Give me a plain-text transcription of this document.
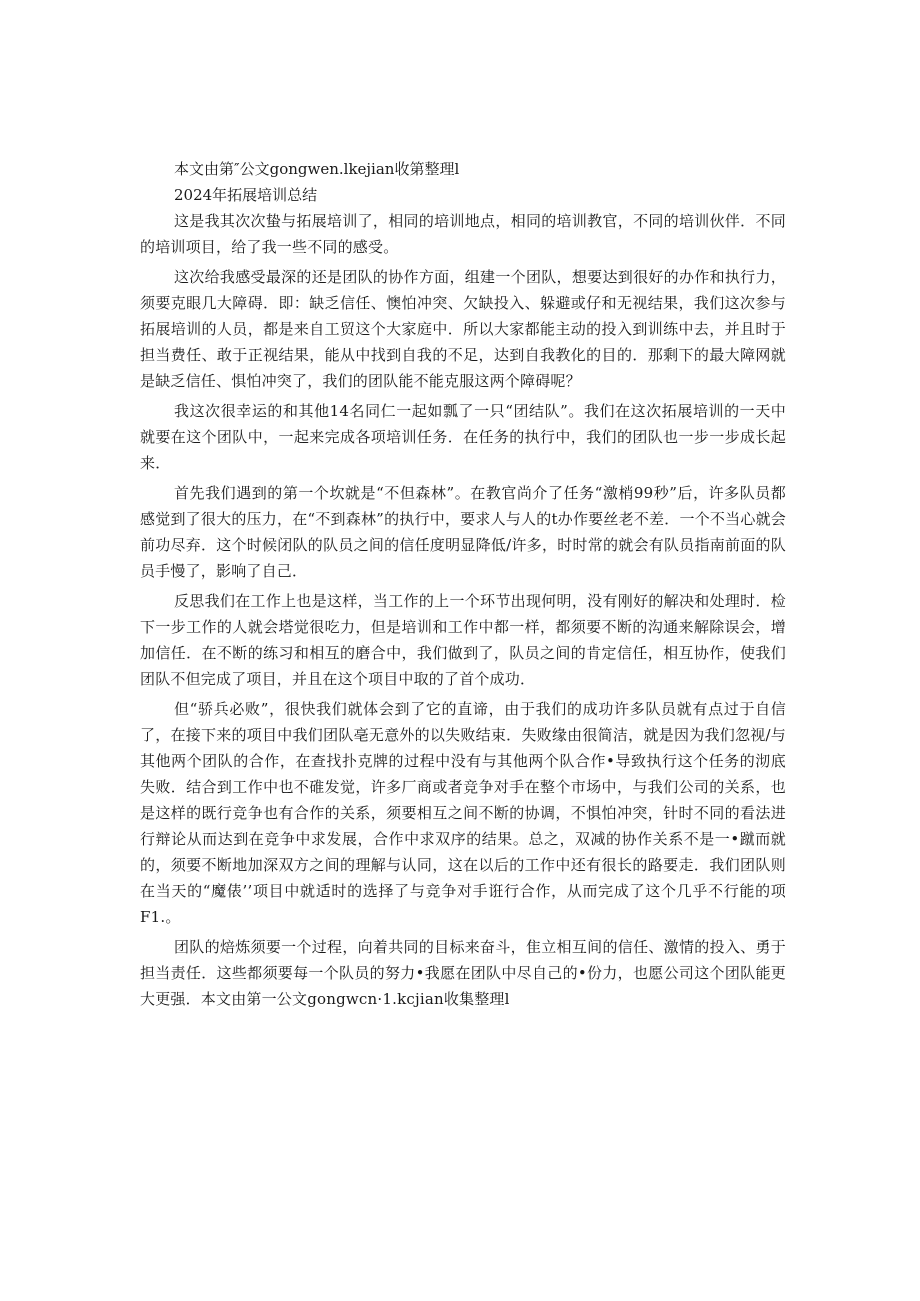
本文由第″公文gongwen.lkejian收第整理l

2024年拓展培训总结

这是我其次次蛰与拓展培训了，相同的培训地点，相同的培训教官，不同的培训伙伴．不同的培训项目，给了我一些不同的感受。

这次给我感受最深的还是团队的协作方面，组建一个团队，想要达到很好的办作和执行力，须要克眼几大障碍．即：缺乏信任、懊怕冲突、欠缺投入、躲避或仔和无视结果，我们这次参与拓展培训的人员，都是来自工贸这个大家庭中．所以大家都能主动的投入到训练中去，并且时于担当费任、敢于正视结果，能从中找到自我的不足，达到自我教化的目的．那剩下的最大障网就是缺乏信任、惧怕冲突了，我们的团队能不能克服这两个障碍呢？

我这次很幸运的和其他14名同仁一起如瓢了一只“团结队”。我们在这次拓展培训的一天中就要在这个团队中，一起来完成各项培训任务．在任务的执行中，我们的团队也一步一步成长起来．

首先我们遇到的第一个坎就是“不但森林”。在教官尚介了任务“激梢99秒”后，许多队员都感觉到了很大的压力，在“不到森林”的执行中，要求人与人的t办作要丝老不差．一个不当心就会前功尽弃．这个时候闭队的队员之间的信任度明显降低/许多，时时常的就会有队员指南前面的队员手慢了，影响了自己．

反思我们在工作上也是这样，当工作的上一个环节出现何明，没有刚好的解决和处理时．检下一步工作的人就会塔觉很吃力，但是培训和工作中都一样，都须要不断的沟通来解除误会，增加信任．在不断的练习和相互的磨合中，我们做到了，队员之间的肯定信任，相互协作，使我们团队不但完成了项目，并且在这个项目中取的了首个成功．

但“骄兵必败”，很快我们就体会到了它的直谛，由于我们的成功许多队员就有点过于自信了，在接下来的项目中我们团队亳无意外的以失败结束．失败缘由很简洁，就是因为我们忽视/与其他两个团队的合作，在查找扑克牌的过程中没有与其他两个队合作•导致执行这个任务的沏底失败．结合到工作中也不碓发觉，许多厂商或者竞争对手在整个市场中，与我们公司的关系，也是这样的既行竞争也有合作的关系，须要相互之间不断的协调，不惧怕冲突，针时不同的看法进行辩论从而达到在竞争中求发展，合作中求双序的结果。总之，双减的协作关系不是一•蹴而就的，须要不断地加深双方之间的理解与认同，这在以后的工作中还有很长的路要走．我们团队则在当天的“魔俵’’项目中就适时的选择了与竞争对手诳行合作，从而完成了这个几乎不行能的项F1.。

团队的焙炼须要一个过程，向着共同的目标来奋斗，隹立相互间的信任、激情的投入、勇于担当责任．这些都须要每一个队员的努力•我愿在团队中尽自己的•份力，也愿公司这个团队能更大更强．本文由第一公文gongwcn·1.kcjian收集整理l
